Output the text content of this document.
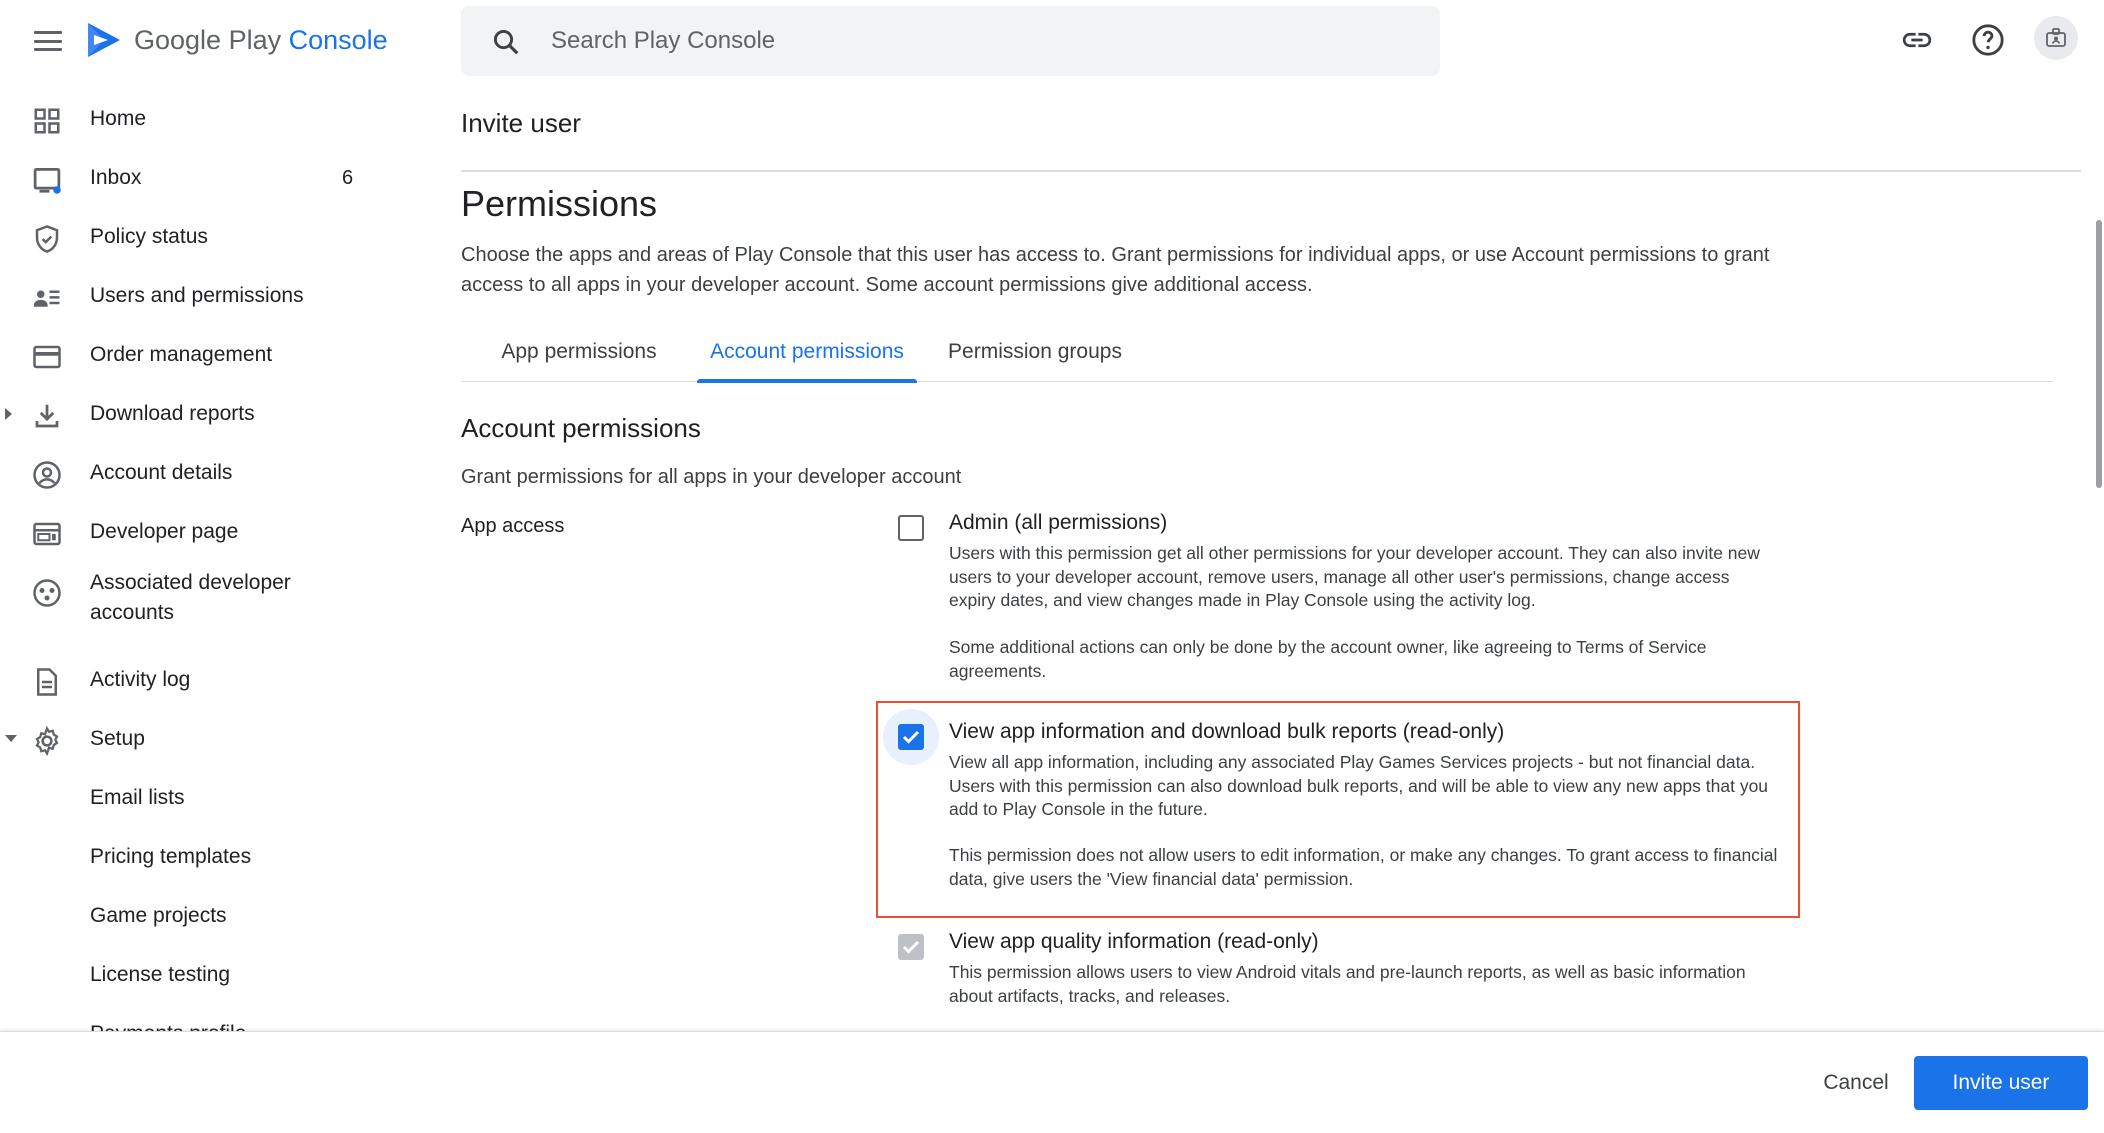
Google Play Console
Search Play Console
Home
Inbox	6
Policy status
Users and permissions
Order management
Download reports
Account details
Developer page
Associated developer accounts
Activity log
Setup
Email lists
Pricing templates
Game projects
License testing
Invite user
Permissions

Choose the apps and areas of Play Console that this user has access to. Grant permissions for individual apps, or use Account permissions to grant access to all apps in your developer account. Some account permissions give additional access.

App permissions	Account permissions	Permission groups
Account permissions
Grant permissions for all apps in your developer account
App access	Admin (all permissions)
Users with this permission get all other permissions for your developer account. They can also invite new users to your developer account, remove users, manage all other user's permissions, change access expiry dates, and view changes made in Play Console using the activity log.
Some additional actions can only be done by the account owner, like agreeing to Terms of Service agreements.
View app information and download bulk reports (read-only)
View all app information, including any associated Play Games Services projects - but not financial data. Users with this permission can also download bulk reports, and will be able to view any new apps that you add to Play Console in the future.
This permission does not allow users to edit information, or make any changes. To grant access to financial data, give users the 'View financial data' permission.
View app quality information (read-only)
This permission allows users to view Android vitals and pre-launch reports, as well as basic information about artifacts, tracks, and releases.
Cancel	Invite user
